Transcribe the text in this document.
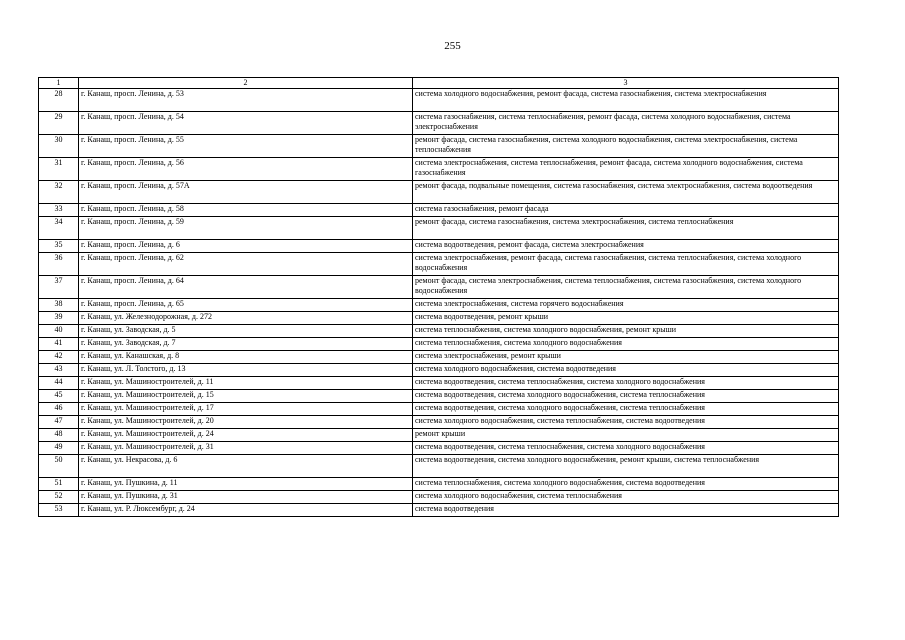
255
1	2	3
28	г. Канаш, просп. Ленина, д. 53	система холодного водоснабжения, ремонт фасада, система газоснабжения, система электроснабжения
29	г. Канаш, просп. Ленина, д. 54	система газоснабжения, система теплоснабжения, ремонт фасада, система холодного водоснабжения, система электроснабжения
30	г. Канаш, просп. Ленина, д. 55	ремонт фасада, система газоснабжения, система холодного водоснабжения, система электроснабжения, система теплоснабжения
31	г. Канаш, просп. Ленина, д. 56	система электроснабжения, система теплоснабжения, ремонт фасада, система холодного водоснабжения, система газоснабжения
32	г. Канаш, просп. Ленина, д. 57А	ремонт фасада, подвальные помещения, система газоснабжения, система электроснабжения, система водоотведения
33	г. Канаш, просп. Ленина, д. 58	система газоснабжения, ремонт фасада
34	г. Канаш, просп. Ленина, д. 59	ремонт фасада, система газоснабжения, система электроснабжения, система теплоснабжения
35	г. Канаш, просп. Ленина, д. 6	система водоотведения, ремонт фасада, система электроснабжения
36	г. Канаш, просп. Ленина, д. 62	система электроснабжения, ремонт фасада, система газоснабжения, система теплоснабжения, система холодного водоснабжения
37	г. Канаш, просп. Ленина, д. 64	ремонт фасада, система электроснабжения, система теплоснабжения, система газоснабжения, система холодного водоснабжения
38	г. Канаш, просп. Ленина, д. 65	система электроснабжения, система горячего водоснабжения
39	г. Канаш, ул. Железнодорожная, д. 272	система водоотведения, ремонт крыши
40	г. Канаш, ул. Заводская, д. 5	система теплоснабжения, система холодного водоснабжения, ремонт крыши
41	г. Канаш, ул. Заводская, д. 7	система теплоснабжения, система холодного водоснабжения
42	г. Канаш, ул. Канашская, д. 8	система электроснабжения, ремонт крыши
43	г. Канаш, ул. Л. Толстого, д. 13	система холодного водоснабжения, система водоотведения
44	г. Канаш, ул. Машиностроителей, д. 11	система водоотведения, система теплоснабжения, система холодного водоснабжения
45	г. Канаш, ул. Машиностроителей, д. 15	система водоотведения, система холодного водоснабжения, система теплоснабжения
46	г. Канаш, ул. Машиностроителей, д. 17	система водоотведения, система холодного водоснабжения, система теплоснабжения
47	г. Канаш, ул. Машиностроителей, д. 20	система холодного водоснабжения, система теплоснабжения, система водоотведения
48	г. Канаш, ул. Машиностроителей, д. 24	ремонт крыши
49	г. Канаш, ул. Машиностроителей, д. 31	система водоотведения, система теплоснабжения, система холодного водоснабжения
50	г. Канаш, ул. Некрасова, д. 6	система водоотведения, система холодного водоснабжения, ремонт крыши, система теплоснабжения
51	г. Канаш, ул. Пушкина, д. 11	система теплоснабжения, система холодного водоснабжения, система водоотведения
52	г. Канаш, ул. Пушкина, д. 31	система холодного водоснабжения, система теплоснабжения
53	г. Канаш, ул. Р. Люксембург, д. 24	система водоотведения
